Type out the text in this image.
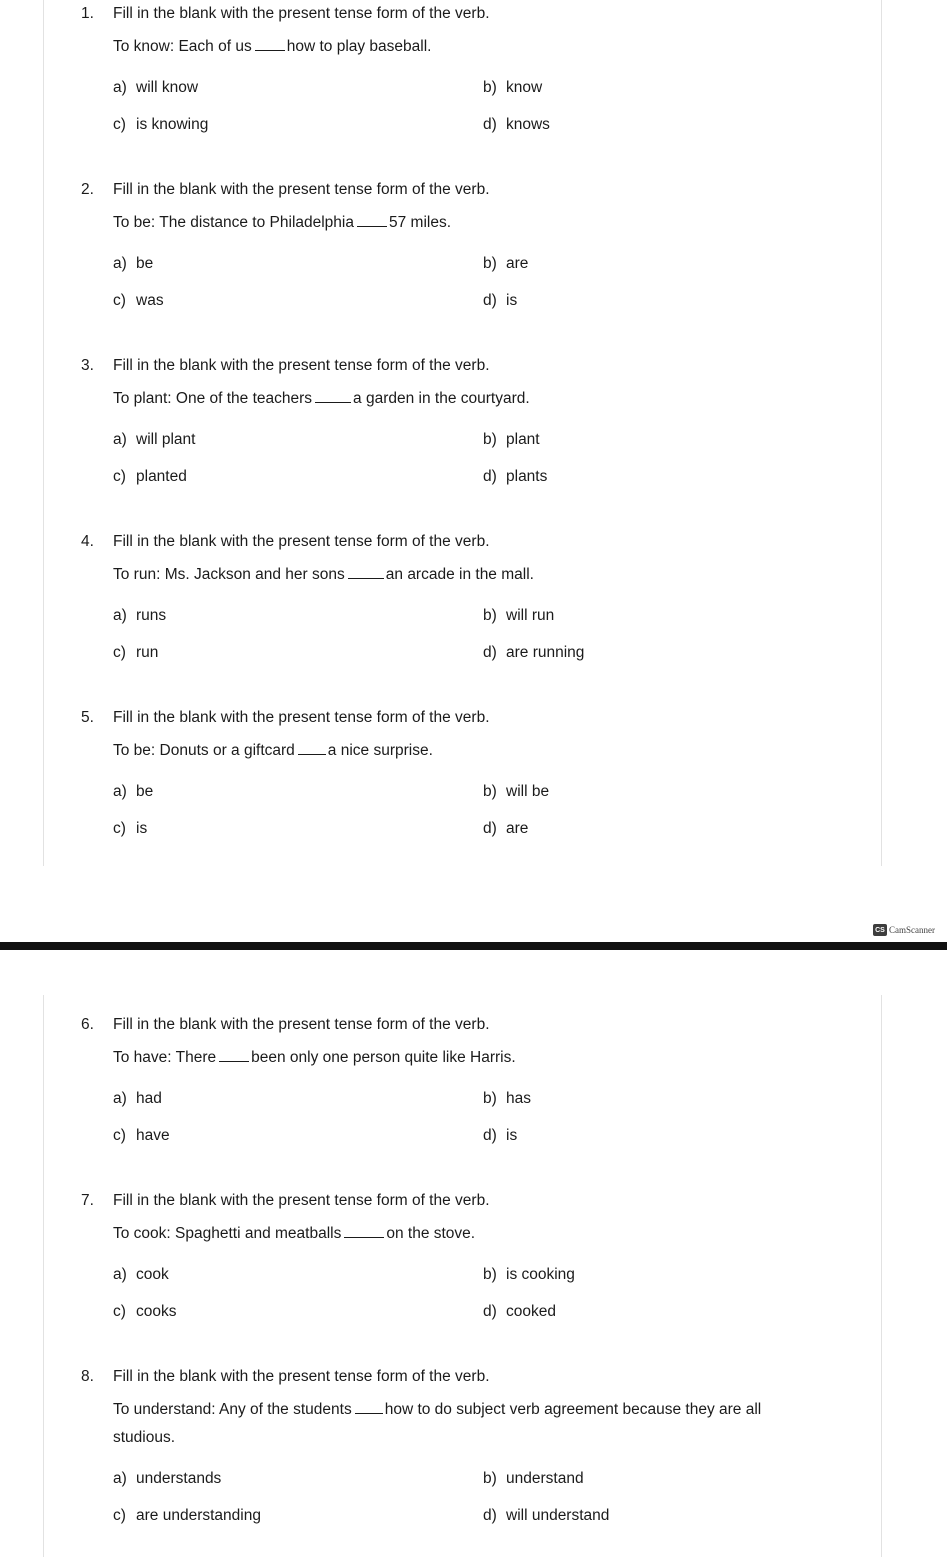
1. Fill in the blank with the present tense form of the verb.
To know: Each of us how to play baseball.
a) will know	b) know
c) is knowing	d) knows
2. Fill in the blank with the present tense form of the verb.
To be: The distance to Philadelphia 57 miles.
a) be	b) are
c) was	d) is
3. Fill in the blank with the present tense form of the verb.
To plant: One of the teachers	a garden in the courtyard.
a) will plant	b) plant
c) planted	d) plants
4. Fill in the blank with the present tense form of the verb.
To run: Ms. Jackson and her sons	an arcade in the mall.
a) runs	b) will run
c) run	d) are running
5. Fill in the blank with the present tense form of the verb.
To be: Donuts or a giftcard a nice surprise.
a) be	b) will be
c) is	d) are
CS CamScanner
6. Fill in the blank with the present tense form of the verb.
To have: There been only one person quite like Harris.
a) had	b) has
c) have	d) is
7. Fill in the blank with the present tense form of the verb.
To cook: Spaghetti and meatballs	on the stove.
a) cook	b) is cooking
c) cooks	d) cooked
8. Fill in the blank with the present tense form of the verb.
To understand: Any of the students how to do subject verb agreement because they are all studious.
a) understands	b) understand
c) are understanding	d) will understand
